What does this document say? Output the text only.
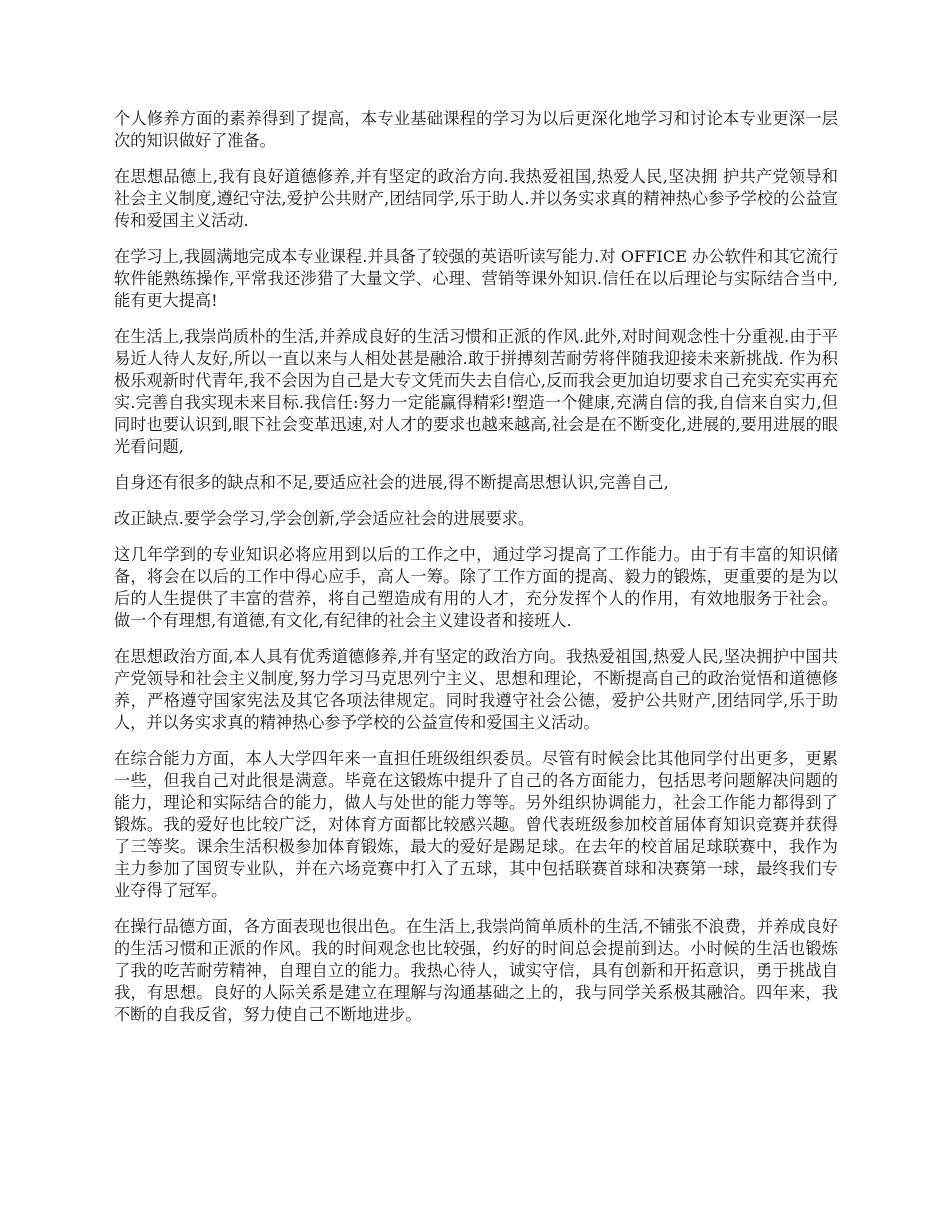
个人修养方面的素养得到了提高，本专业基础课程的学习为以后更深化地学习和讨论本专业更深一层次的知识做好了准备。

在思想品德上,我有良好道德修养,并有坚定的政治方向.我热爱祖国,热爱人民,坚决拥 护共产党领导和社会主义制度,遵纪守法,爱护公共财产,团结同学,乐于助人.并以务实求真的精神热心参予学校的公益宣传和爱国主义活动.

在学习上,我圆满地完成本专业课程.并具备了较强的英语听读写能力.对 OFFICE 办公软件和其它流行软件能熟练操作,平常我还涉猎了大量文学、心理、营销等课外知识.信任在以后理论与实际结合当中,能有更大提高!

在生活上,我崇尚质朴的生活,并养成良好的生活习惯和正派的作风.此外,对时间观念性十分重视.由于平易近人待人友好,所以一直以来与人相处甚是融洽.敢于拼搏刻苦耐劳将伴随我迎接未来新挑战. 作为积极乐观新时代青年,我不会因为自己是大专文凭而失去自信心,反而我会更加迫切要求自己充实充实再充实.完善自我实现未来目标.我信任:努力一定能赢得精彩!塑造一个健康,充满自信的我,自信来自实力,但同时也要认识到,眼下社会变革迅速,对人才的要求也越来越高,社会是在不断变化,进展的,要用进展的眼光看问题,

自身还有很多的缺点和不足,要适应社会的进展,得不断提高思想认识,完善自己,

改正缺点.要学会学习,学会创新,学会适应社会的进展要求。

这几年学到的专业知识必将应用到以后的工作之中，通过学习提高了工作能力。由于有丰富的知识储备，将会在以后的工作中得心应手，高人一筹。除了工作方面的提高、毅力的锻炼，更重要的是为以后的人生提供了丰富的营养，将自己塑造成有用的人才，充分发挥个人的作用，有效地服务于社会。做一个有理想,有道德,有文化,有纪律的社会主义建设者和接班人.

在思想政治方面,本人具有优秀道德修养,并有坚定的政治方向。我热爱祖国,热爱人民,坚决拥护中国共产党领导和社会主义制度,努力学习马克思列宁主义、思想和理论，不断提高自己的政治觉悟和道德修养，严格遵守国家宪法及其它各项法律规定。同时我遵守社会公德，爱护公共财产,团结同学,乐于助人，并以务实求真的精神热心参予学校的公益宣传和爱国主义活动。

在综合能力方面，本人大学四年来一直担任班级组织委员。尽管有时候会比其他同学付出更多，更累一些，但我自己对此很是满意。毕竟在这锻炼中提升了自己的各方面能力，包括思考问题解决问题的能力，理论和实际结合的能力，做人与处世的能力等等。另外组织协调能力，社会工作能力都得到了锻炼。我的爱好也比较广泛，对体育方面都比较感兴趣。曾代表班级参加校首届体育知识竞赛并获得了三等奖。课余生活积极参加体育锻炼，最大的爱好是踢足球。在去年的校首届足球联赛中，我作为主力参加了国贸专业队，并在六场竞赛中打入了五球，其中包括联赛首球和决赛第一球，最终我们专业夺得了冠军。

在操行品德方面，各方面表现也很出色。在生活上,我崇尚简单质朴的生活,不铺张不浪费，并养成良好的生活习惯和正派的作风。我的时间观念也比较强，约好的时间总会提前到达。小时候的生活也锻炼了我的吃苦耐劳精神，自理自立的能力。我热心待人，诚实守信，具有创新和开拓意识，勇于挑战自我，有思想。良好的人际关系是建立在理解与沟通基础之上的，我与同学关系极其融洽。四年来，我不断的自我反省，努力使自己不断地进步。
